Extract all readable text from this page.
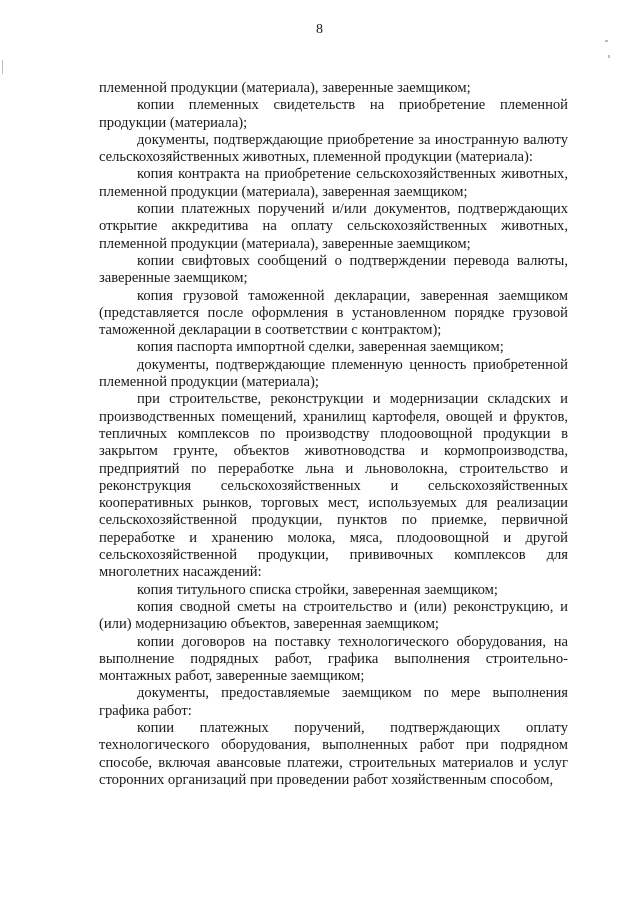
8

племенной продукции (материала), заверенные заемщиком;

копии племенных свидетельств на приобретение племенной продукции (материала);

документы, подтверждающие приобретение за иностранную валюту сельскохозяйственных животных, племенной продукции (материала):

копия контракта на приобретение сельскохозяйственных животных, племенной продукции (материала), заверенная заемщиком;

копии платежных поручений и/или документов, подтверждающих открытие аккредитива на оплату сельскохозяйственных животных, племенной продукции (материала), заверенные заемщиком;

копии свифтовых сообщений о подтверждении перевода валюты, заверенные заемщиком;

копия грузовой таможенной декларации, заверенная заемщиком (представляется после оформления в установленном порядке грузовой таможенной декларации в соответствии с контрактом);

копия паспорта импортной сделки, заверенная заемщиком;

документы, подтверждающие племенную ценность приобретенной племенной продукции (материала);

при строительстве, реконструкции и модернизации складских и производственных помещений, хранилищ картофеля, овощей и фруктов, тепличных комплексов по производству плодоовощной продукции в закрытом грунте, объектов животноводства и кормопроизводства, предприятий по переработке льна и льноволокна, строительство и реконструкция сельскохозяйственных и сельскохозяйственных кооперативных рынков, торговых мест, используемых для реализации сельскохозяйственной продукции, пунктов по приемке, первичной переработке и хранению молока, мяса, плодоовощной и другой сельскохозяйственной продукции, прививочных комплексов для многолетних насаждений:

копия титульного списка стройки, заверенная заемщиком;

копия сводной сметы на строительство и (или) реконструкцию, и (или) модернизацию объектов, заверенная заемщиком;

копии договоров на поставку технологического оборудования, на выполнение подрядных работ, графика выполнения строительно-монтажных работ, заверенные заемщиком;

документы, предоставляемые заемщиком по мере выполнения графика работ:

копии платежных поручений, подтверждающих оплату технологического оборудования, выполненных работ при подрядном способе, включая авансовые платежи, строительных материалов и услуг сторонних организаций при проведении работ хозяйственным способом,
